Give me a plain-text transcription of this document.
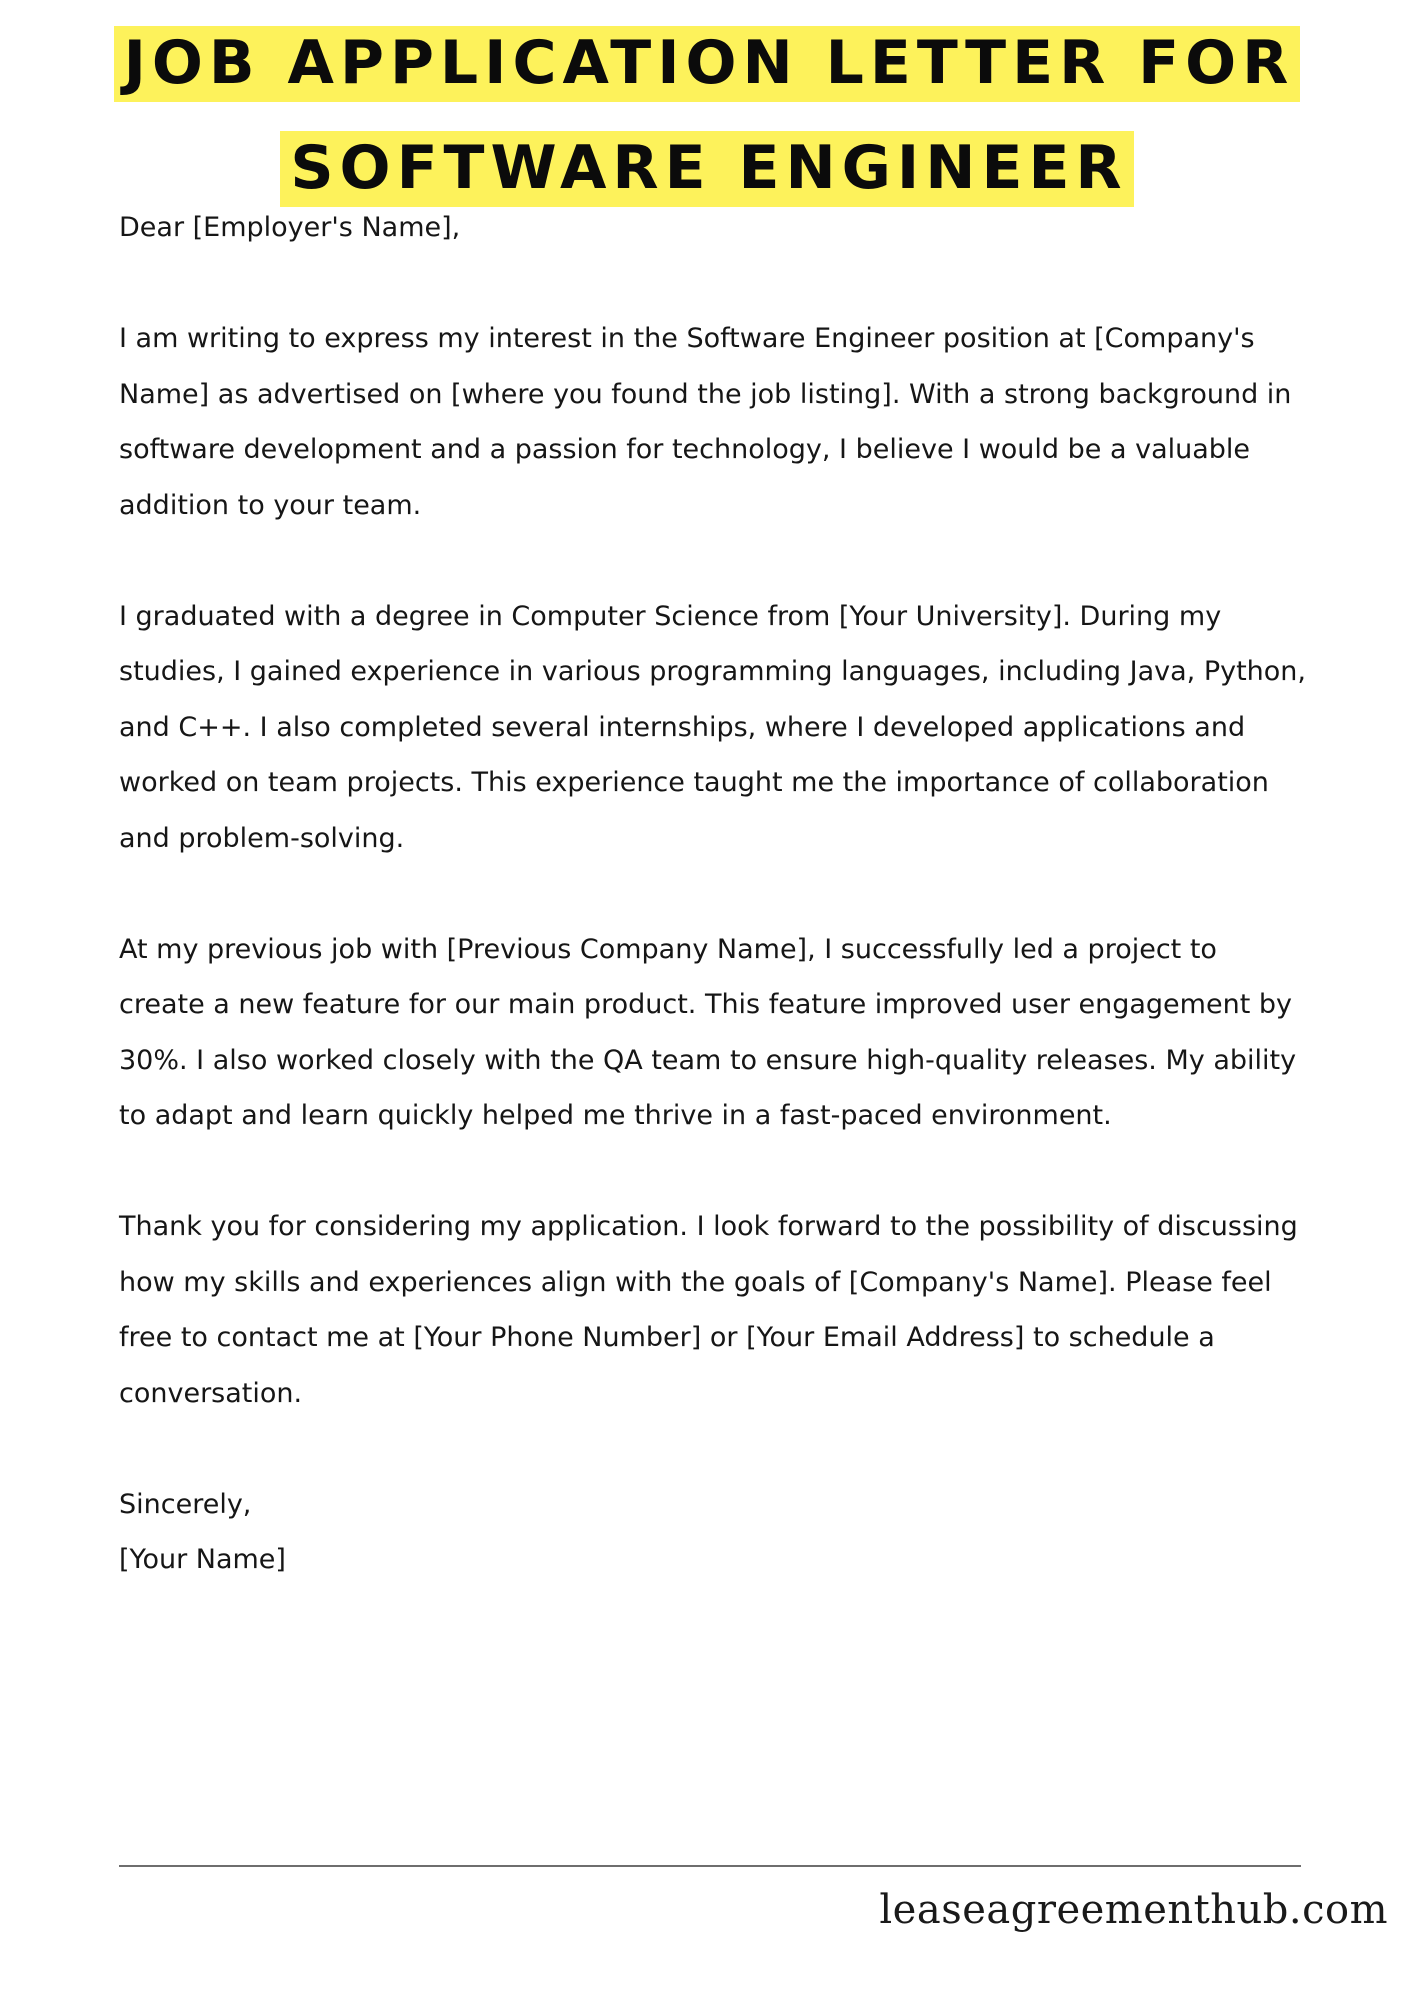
JOB APPLICATION LETTER FOR
SOFTWARE ENGINEER

Dear [Employer's Name],

I am writing to express my interest in the Software Engineer position at [Company's Name] as advertised on [where you found the job listing]. With a strong background in software development and a passion for technology, I believe I would be a valuable addition to your team.

I graduated with a degree in Computer Science from [Your University]. During my studies, I gained experience in various programming languages, including Java, Python, and C++. I also completed several internships, where I developed applications and worked on team projects. This experience taught me the importance of collaboration and problem-solving.

At my previous job with [Previous Company Name], I successfully led a project to create a new feature for our main product. This feature improved user engagement by 30%. I also worked closely with the QA team to ensure high-quality releases. My ability to adapt and learn quickly helped me thrive in a fast-paced environment.

Thank you for considering my application. I look forward to the possibility of discussing how my skills and experiences align with the goals of [Company's Name]. Please feel free to contact me at [Your Phone Number] or [Your Email Address] to schedule a conversation.

Sincerely,

[Your Name]

leaseagreementhub.com
